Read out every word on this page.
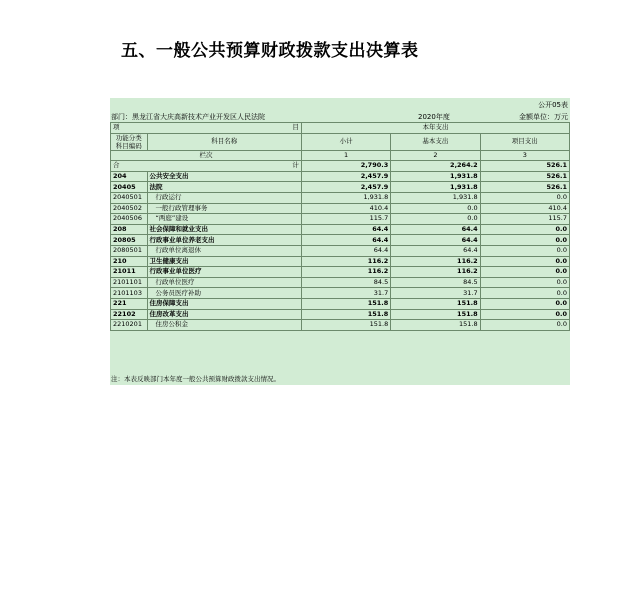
五、一般公共预算财政拨款支出决算表
公开05表
部门：黑龙江省大庆高新技术产业开发区人民法院	2020年度	金额单位：万元
项 目		本年支出		
功能分类
科目编码	科目名称	小计	基本支出	项目支出
栏次		1	2	3

合 计		2,790.3	2,264.2	526.1
204	公共安全支出	2,457.9	1,931.8	526.1
20405	法院	2,457.9	1,931.8	526.1
2040501	行政运行	1,931.8	1,931.8	0.0
2040502	一般行政管理事务	410.4	0.0	410.4
2040506	“两庭”建设	115.7	0.0	115.7
208	社会保障和就业支出	64.4	64.4	0.0
20805	行政事业单位养老支出	64.4	64.4	0.0
2080501	行政单位离退休	64.4	64.4	0.0
210	卫生健康支出	116.2	116.2	0.0
21011	行政事业单位医疗	116.2	116.2	0.0
2101101	行政单位医疗	84.5	84.5	0.0
2101103	公务员医疗补助	31.7	31.7	0.0
221	住房保障支出	151.8	151.8	0.0
22102	住房改革支出	151.8	151.8	0.0
2210201	住房公积金	151.8	151.8	0.0
注：本表反映部门本年度一般公共预算财政拨款支出情况。
